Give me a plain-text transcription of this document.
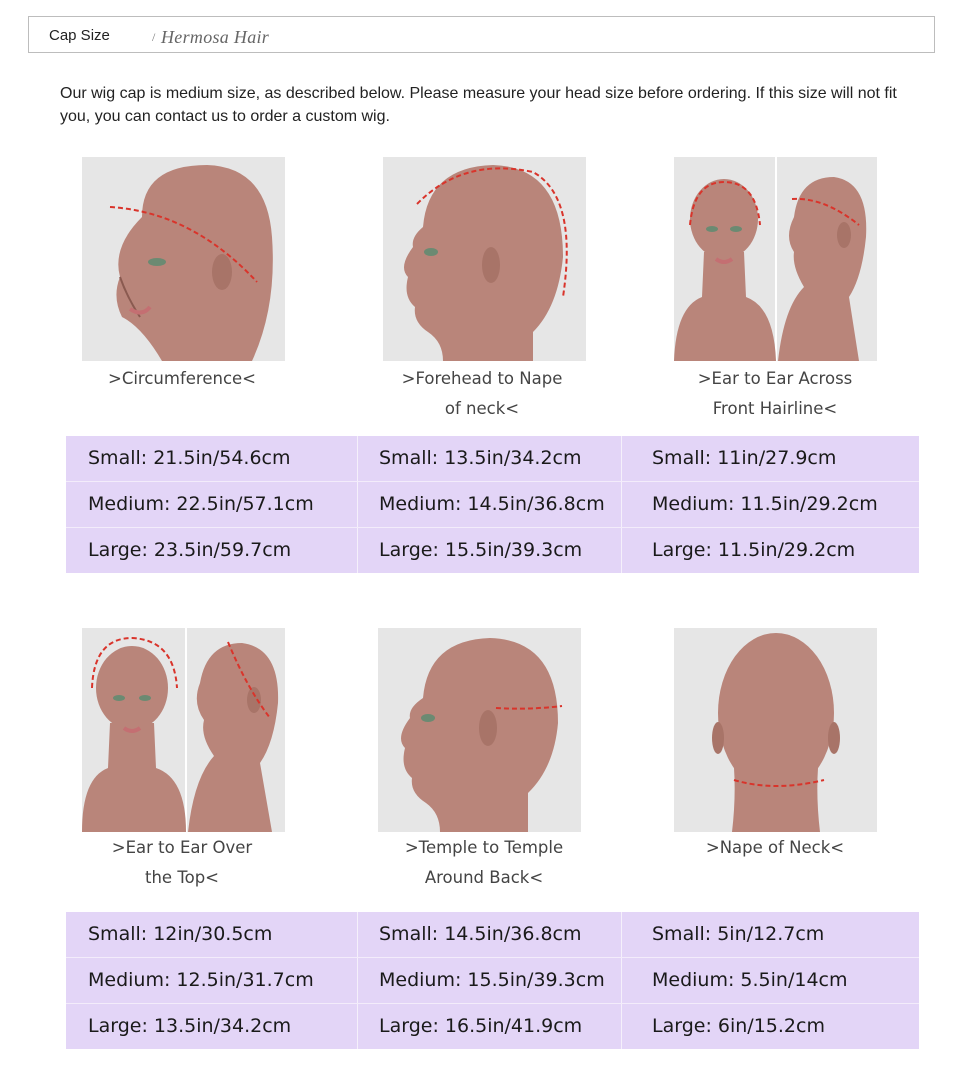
Cap Size	/ Hermosa Hair
Our wig cap is medium size, as described below. Please measure your head size before ordering. If this size will not fit you, you can contact us to order a custom wig.
>Circumference<	>Forehead to Nape
of neck<
>Ear to Ear Across
Front Hairline<
Small: 21.5in/54.6cm	Small: 13.5in/34.2cm	Small: 11in/27.9cm
Medium: 22.5in/57.1cm	Medium: 14.5in/36.8cm	Medium: 11.5in/29.2cm
Large: 23.5in/59.7cm	Large: 15.5in/39.3cm	Large: 11.5in/29.2cm
>Ear to Ear Over
the Top<
>Temple to Temple
Around Back<
>Nape of Neck<
Small: 12in/30.5cm	Small: 14.5in/36.8cm	Small: 5in/12.7cm
Medium: 12.5in/31.7cm	Medium: 15.5in/39.3cm	Medium: 5.5in/14cm
Large: 13.5in/34.2cm	Large: 16.5in/41.9cm	Large: 6in/15.2cm
